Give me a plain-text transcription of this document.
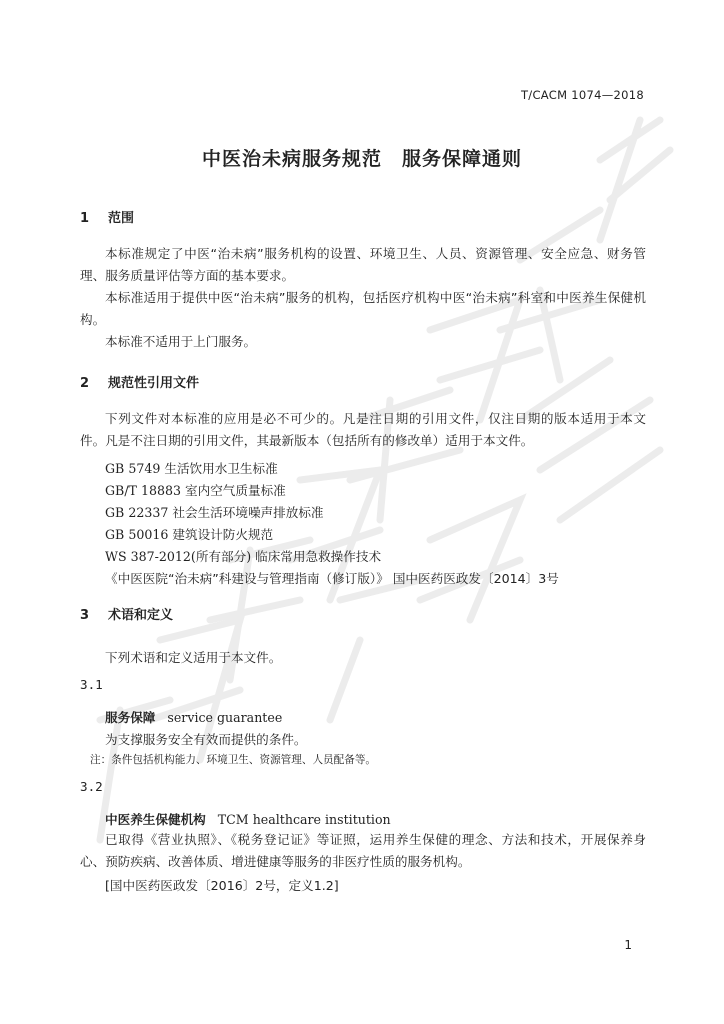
T/CACM 1074—2018
中医治未病服务规范　服务保障通则
1 范围
本标准规定了中医“治未病”服务机构的设置、环境卫生、人员、资源管理、安全应急、财务管理、服务质量评估等方面的基本要求。
本标准适用于提供中医“治未病”服务的机构，包括医疗机构中医“治未病”科室和中医养生保健机构。
本标准不适用于上门服务。
2 规范性引用文件
下列文件对本标准的应用是必不可少的。凡是注日期的引用文件，仅注日期的版本适用于本文件。凡是不注日期的引用文件，其最新版本（包括所有的修改单）适用于本文件。
GB 5749 生活饮用水卫生标准
GB/T 18883 室内空气质量标准
GB 22337 社会生活环境噪声排放标准
GB 50016 建筑设计防火规范
WS 387-2012(所有部分) 临床常用急救操作技术
《中医医院“治未病”科建设与管理指南（修订版）》 国中医药医政发〔2014〕3号
3 术语和定义
下列术语和定义适用于本文件。
3.1
服务保障 service guarantee
为支撑服务安全有效而提供的条件。
注：条件包括机构能力、环境卫生、资源管理、人员配备等。
3.2
中医养生保健机构 TCM healthcare institution
已取得《营业执照》、《税务登记证》等证照，运用养生保健的理念、方法和技术，开展保养身心、预防疾病、改善体质、增进健康等服务的非医疗性质的服务机构。
[国中医药医政发〔2016〕2号，定义1.2]
1
